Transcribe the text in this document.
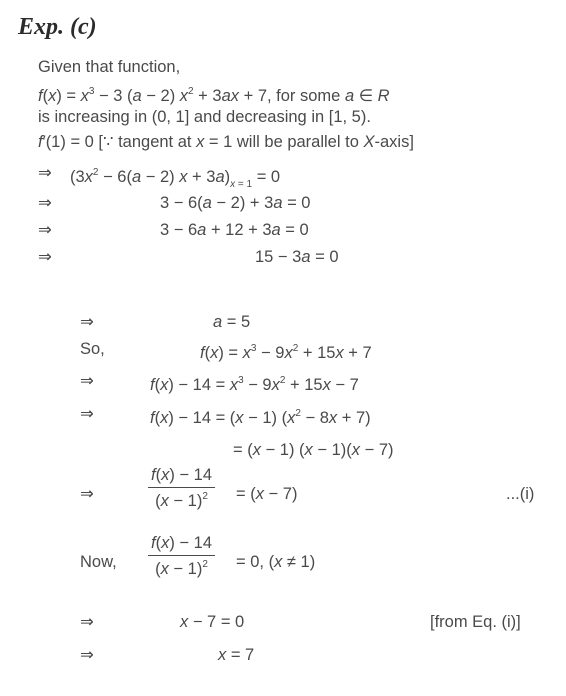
Exp. (c)
Given that function,
$f(x) = x^3 - 3$ (a − 2) $x^2 + 3ax + 7$, for some a ∈ R
is increasing in (0, 1] and decreasing in [1, 5).
f′(1) = 0 [∵ tangent at x = 1 will be parallel to X-axis]
⇒ $(3x^2 - 6(a - 2) x + 3a)_{x = 1} = 0$
⇒	3 − 6(a − 2) + 3a = 0
⇒	3 − 6a + 12 + 3a = 0
⇒	15 − 3a = 0
⇒	a = 5
So,	$f(x) = x^3 - 9x^2 + 15x + 7$
⇒	$f(x) - 14 = x^3 - 9x^2 + 15x - 7$
⇒	f(x) − 14 = (x − 1) $(x^2 - 8x + 7)$
= (x − 1) (x − 1)(x − 7)
⇒	$\frac{f(x) - 14}{(x - 1)^2} = (x - 7)$	...(i)
Now, $\frac{f(x) - 14}{(x - 1)^2} = 0$, (x ≠ 1)
⇒	x − 7 = 0	[from Eq. (i)]
⇒	x = 7
